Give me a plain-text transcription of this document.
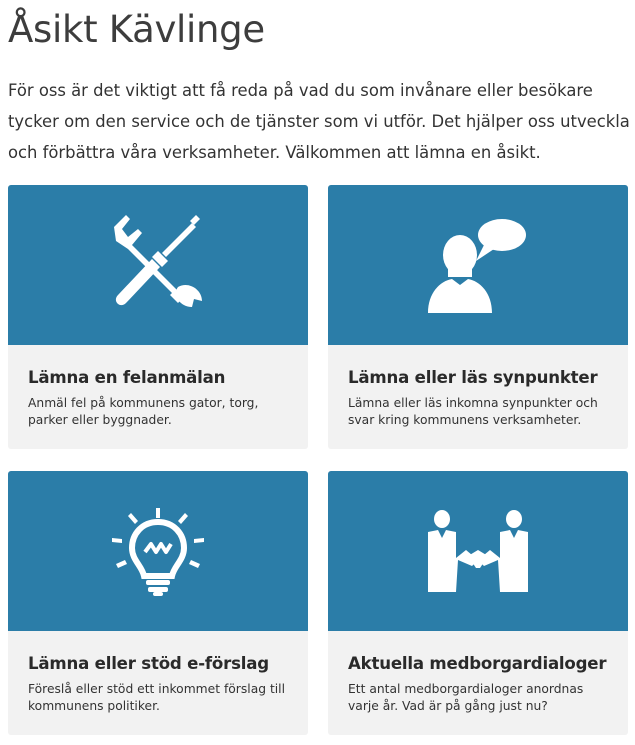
Åsikt Kävlinge

För oss är det viktigt att få reda på vad du som invånare eller besökare tycker om den service och de tjänster som vi utför. Det hjälper oss utveckla och förbättra våra verksamheter. Välkommen att lämna en åsikt.

Lämna en felanmälan

Anmäl fel på kommunens gator, torg, parker eller byggnader.

Lämna eller läs synpunkter

Lämna eller läs inkomna synpunkter och svar kring kommunens verksamheter.

Lämna eller stöd e-förslag

Föreslå eller stöd ett inkommet förslag till kommunens politiker.

Aktuella medborgardialoger

Ett antal medborgardialoger anordnas varje år. Vad är på gång just nu?
